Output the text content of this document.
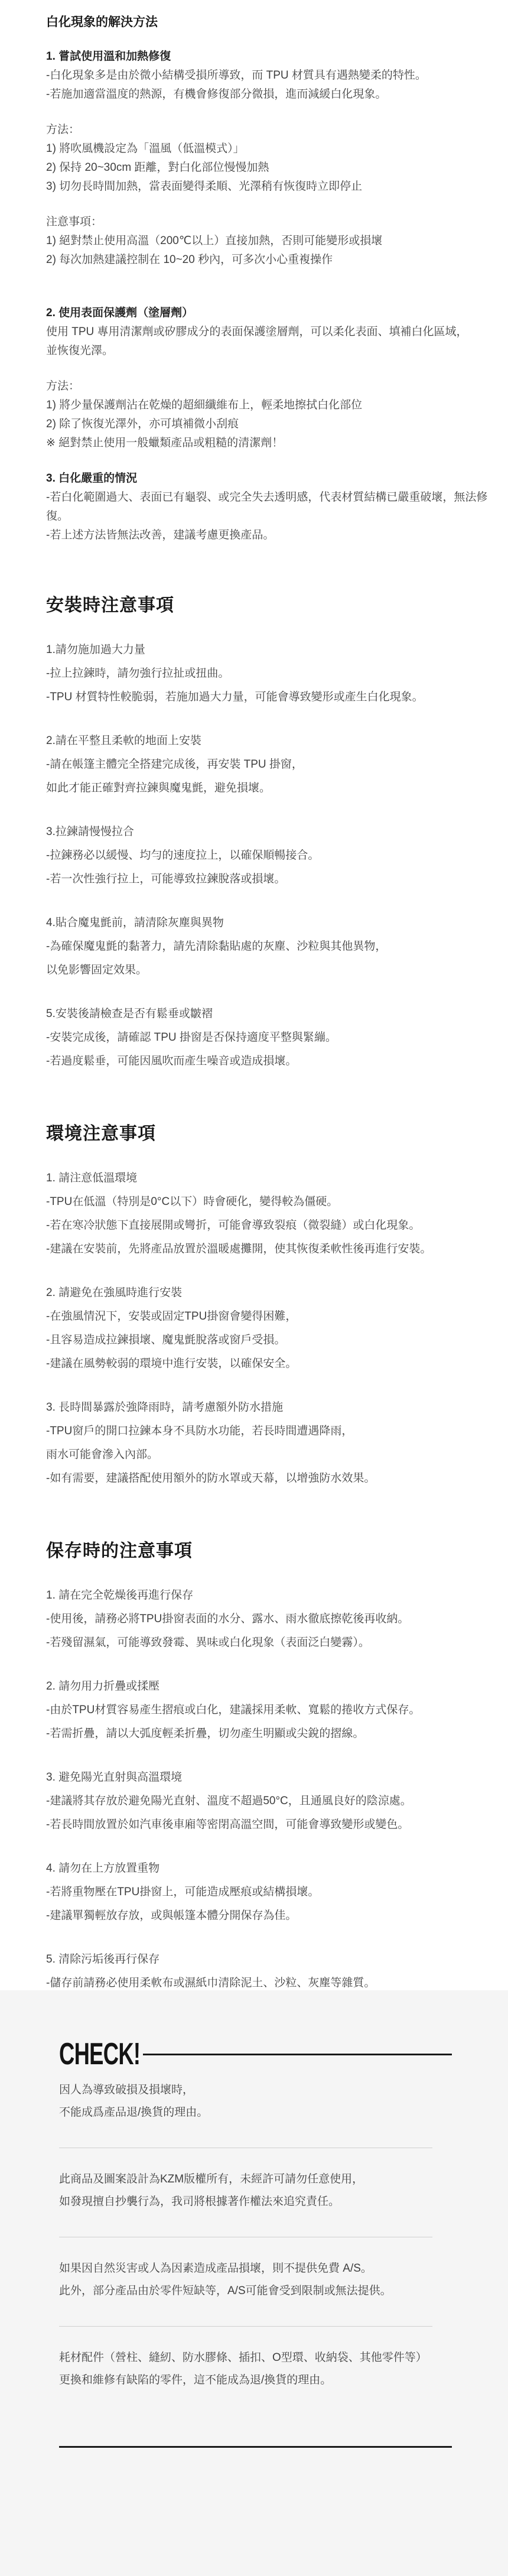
白化現象的解決方法

1. 嘗試使用溫和加熱修復

-白化現象多是由於微小結構受損所導致，而 TPU 材質具有遇熱變柔的特性。

-若施加適當溫度的熱源，有機會修復部分微損，進而減緩白化現象。

方法：

1) 將吹風機設定為「溫風（低溫模式）」

2) 保持 20~30cm 距離，對白化部位慢慢加熱

3) 切勿長時間加熱，當表面變得柔順、光澤稍有恢復時立即停止

注意事項：

1) 絕對禁止使用高溫（200℃以上）直接加熱，否則可能變形或損壞

2) 每次加熱建議控制在 10~20 秒內，可多次小心重複操作

2. 使用表面保護劑（塗層劑）

使用 TPU 專用清潔劑或矽膠成分的表面保護塗層劑，可以柔化表面、填補白化區域，

並恢復光澤。

方法：

1) 將少量保護劑沾在乾燥的超細纖維布上，輕柔地擦拭白化部位

2) 除了恢復光澤外，亦可填補微小刮痕

※ 絕對禁止使用一般蠟類產品或粗糙的清潔劑！

3. 白化嚴重的情況

-若白化範圍過大、表面已有龜裂、或完全失去透明感，代表材質結構已嚴重破壞，無法修復。

-若上述方法皆無法改善，建議考慮更換產品。

安裝時注意事項

1.請勿施加過大力量

-拉上拉鍊時，請勿強行拉扯或扭曲。

-TPU 材質特性較脆弱，若施加過大力量，可能會導致變形或產生白化現象。

2.請在平整且柔軟的地面上安裝

-請在帳篷主體完全搭建完成後，再安裝 TPU 掛窗，

如此才能正確對齊拉鍊與魔鬼氈，避免損壞。

3.拉鍊請慢慢拉合

-拉鍊務必以緩慢、均勻的速度拉上，以確保順暢接合。

-若一次性強行拉上，可能導致拉鍊脫落或損壞。

4.貼合魔鬼氈前，請清除灰塵與異物

-為確保魔鬼氈的黏著力，請先清除黏貼處的灰塵、沙粒與其他異物，

以免影響固定效果。

5.安裝後請檢查是否有鬆垂或皺褶

-安裝完成後，請確認 TPU 掛窗是否保持適度平整與緊繃。

-若過度鬆垂，可能因風吹而產生噪音或造成損壞。

環境注意事項

1. 請注意低溫環境

-TPU在低溫（特別是0°C以下）時會硬化，變得較為僵硬。

-若在寒冷狀態下直接展開或彎折，可能會導致裂痕（微裂縫）或白化現象。

-建議在安裝前，先將產品放置於溫暖處攤開，使其恢復柔軟性後再進行安裝。

2. 請避免在強風時進行安裝

-在強風情況下，安裝或固定TPU掛窗會變得困難，

-且容易造成拉鍊損壞、魔鬼氈脫落或窗戶受損。

-建議在風勢較弱的環境中進行安裝，以確保安全。

3. 長時間暴露於強降雨時，請考慮額外防水措施

-TPU窗戶的開口拉鍊本身不具防水功能，若長時間遭遇降雨，

雨水可能會滲入內部。

-如有需要，建議搭配使用額外的防水罩或天幕，以增強防水效果。

保存時的注意事項

1. 請在完全乾燥後再進行保存

-使用後，請務必將TPU掛窗表面的水分、露水、雨水徹底擦乾後再收納。

-若殘留濕氣，可能導致發霉、異味或白化現象（表面泛白變霧）。

2. 請勿用力折疊或揉壓

-由於TPU材質容易產生摺痕或白化，建議採用柔軟、寬鬆的捲收方式保存。

-若需折疊，請以大弧度輕柔折疊，切勿產生明顯或尖銳的摺線。

3. 避免陽光直射與高溫環境

-建議將其存放於避免陽光直射、溫度不超過50°C，且通風良好的陰涼處。

-若長時間放置於如汽車後車廂等密閉高溫空間，可能會導致變形或變色。

4. 請勿在上方放置重物

-若將重物壓在TPU掛窗上，可能造成壓痕或結構損壞。

-建議單獨輕放存放，或與帳篷本體分開保存為佳。

5. 清除污垢後再行保存

-儲存前請務必使用柔軟布或濕紙巾清除泥土、沙粒、灰塵等雜質。

CHECK!

因人為導致破損及損壞時，

不能成爲產品退/換貨的理由。

此商品及圖案設計為KZM版權所有，未經許可請勿任意使用，

如發現擅自抄襲行為，我司將根據著作權法來追究責任。

如果因自然災害或人為因素造成產品損壞，則不提供免費 A/S。

此外，部分產品由於零件短缺等，A/S可能會受到限制或無法提供。

耗材配件（營柱、縫紉、防水膠條、插扣、O型環、收納袋、其他零件等）

更換和維修有缺陷的零件，這不能成為退/換貨的理由。
